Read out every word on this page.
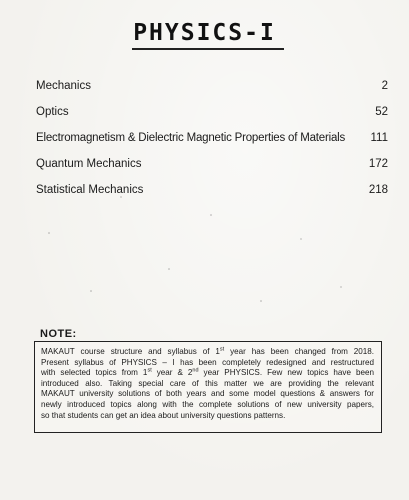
PHYSICS-I
Mechanics	2
Optics	52
Electromagnetism & Dielectric Magnetic Properties of Materials 111
Quantum Mechanics	172
Statistical Mechanics	218
NOTE:
MAKAUT course structure and syllabus of 1st year has been changed from 2018.
Present syllabus of PHYSICS – I has been completely redesigned and restructured
with selected topics from 1st year & 2nd year PHYSICS. Few new topics have been
introduced also. Taking special care of this matter we are providing the relevant
MAKAUT university solutions of both years and some model questions & answers for
newly introduced topics along with the complete solutions of new university papers,
so that students can get an idea about university questions patterns.
